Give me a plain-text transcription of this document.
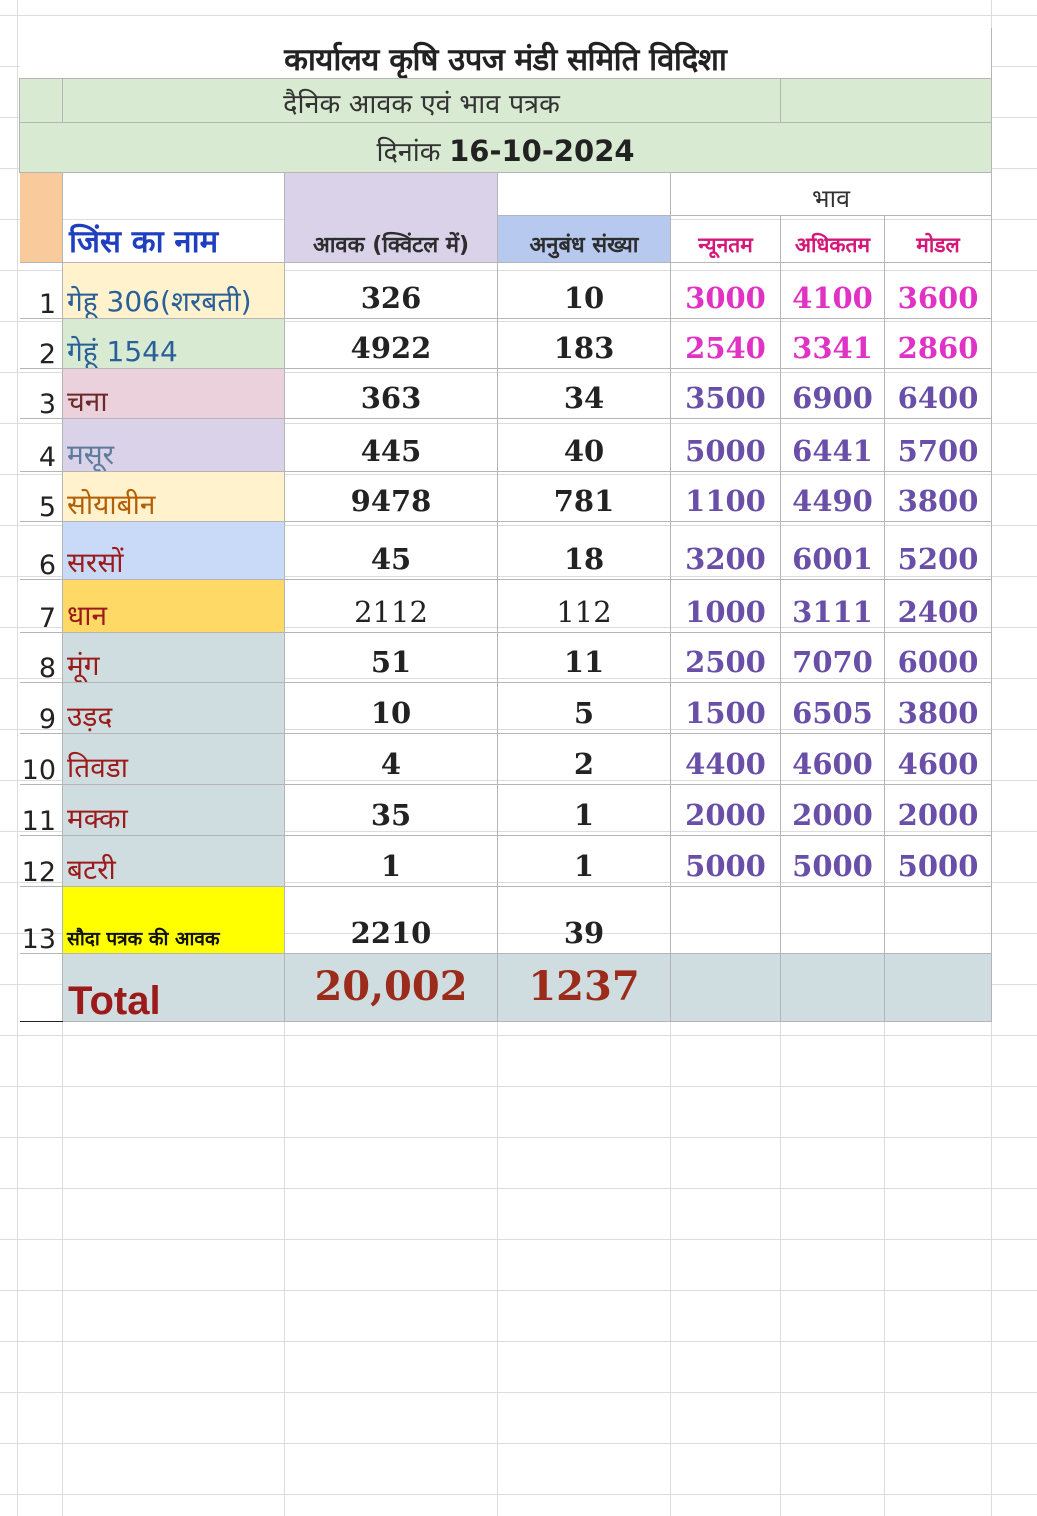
कार्यालय कृषि उपज मंडी समिति विदिशा						
	दैनिक आवक एवं भाव पत्रक					
दिनांक 16-10-2024						

	जिंस का नाम	आवक (क्विंटल में)		भाव		

			अनुबंध संख्या	न्यूनतम	अधिकतम	मोडल

1	गेहू 306(शरबती)	326	10	3000	4100	3600
2	गेहूं 1544	4922	183	2540	3341	2860
3	चना	363	34	3500	6900	6400
4	मसूर	445	40	5000	6441	5700
5	सोयाबीन	9478	781	1100	4490	3800
6	सरसों	45	18	3200	6001	5200
7	धान	2112	112	1000	3111	2400
8	मूंग	51	11	2500	7070	6000
9	उड़द	10	5	1500	6505	3800
10	तिवडा	4	2	4400	4600	4600
11	मक्का	35	1	2000	2000	2000
12	बटरी	1	1	5000	5000	5000
13	सौदा पत्रक की आवक	2210	39			
	Total	20,002	1237			
